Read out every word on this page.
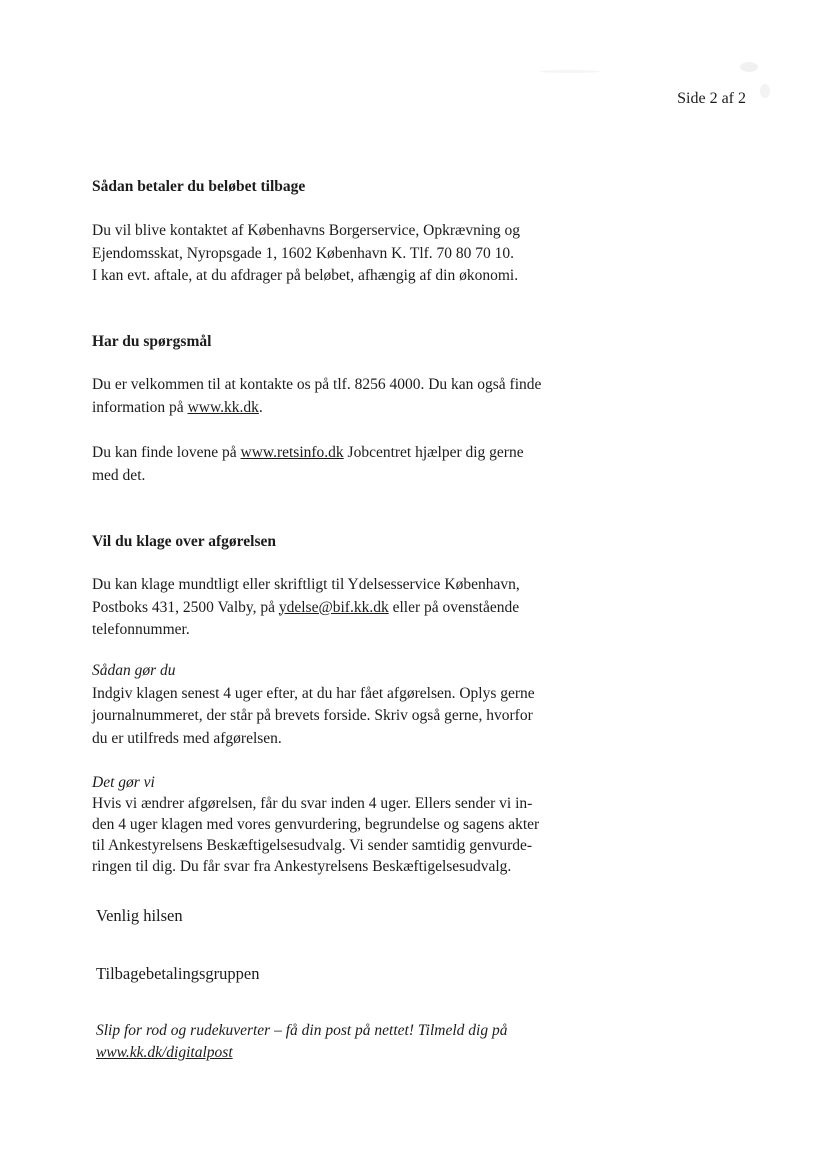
Side 2 af 2
Sådan betaler du beløbet tilbage
Du vil blive kontaktet af Københavns Borgerservice, Opkrævning og
Ejendomsskat, Nyropsgade 1, 1602 København K. Tlf. 70 80 70 10.
I kan evt. aftale, at du afdrager på beløbet, afhængig af din økonomi.
Har du spørgsmål
Du er velkommen til at kontakte os på tlf. 8256 4000. Du kan også finde
information på www.kk.dk.
Du kan finde lovene på www.retsinfo.dk Jobcentret hjælper dig gerne
med det.
Vil du klage over afgørelsen
Du kan klage mundtligt eller skriftligt til Ydelsesservice København,
Postboks 431, 2500 Valby, på ydelse@bif.kk.dk eller på ovenstående
telefonnummer.
Sådan gør du
Indgiv klagen senest 4 uger efter, at du har fået afgørelsen. Oplys gerne
journalnummeret, der står på brevets forside. Skriv også gerne, hvorfor
du er utilfreds med afgørelsen.
Det gør vi
Hvis vi ændrer afgørelsen, får du svar inden 4 uger. Ellers sender vi in-
den 4 uger klagen med vores genvurdering, begrundelse og sagens akter
til Ankestyrelsens Beskæftigelsesudvalg. Vi sender samtidig genvurde-
ringen til dig. Du får svar fra Ankestyrelsens Beskæftigelsesudvalg.
Venlig hilsen
Tilbagebetalingsgruppen
Slip for rod og rudekuverter – få din post på nettet! Tilmeld dig på
www.kk.dk/digitalpost
